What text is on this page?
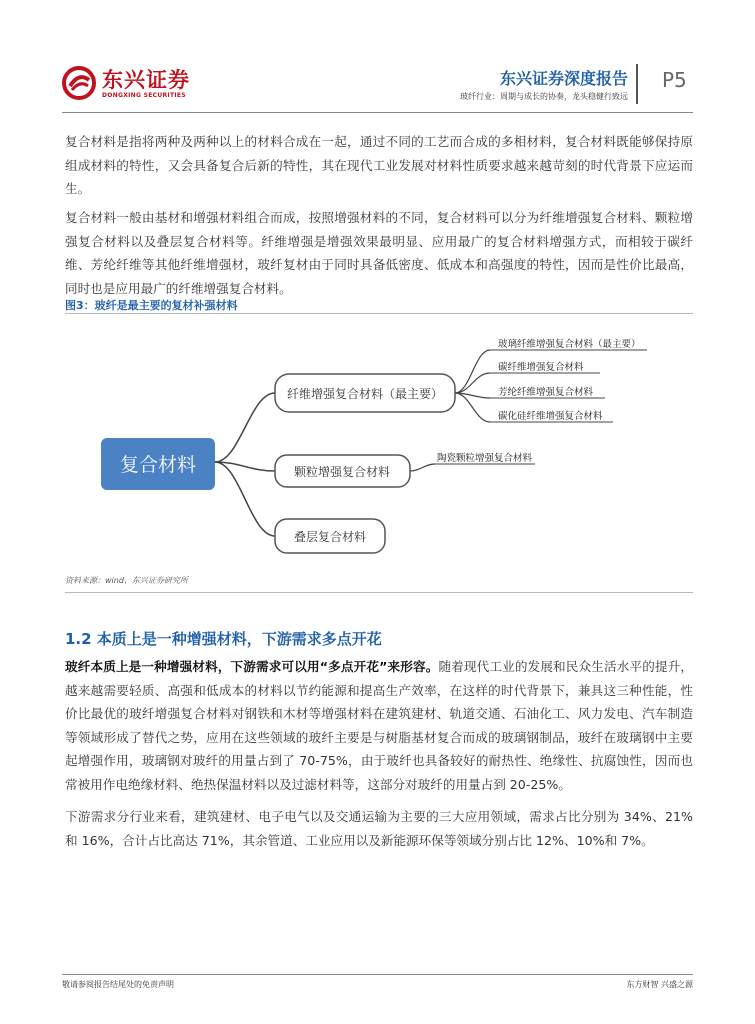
东兴证券
DONGXING SECURITIES
东兴证券深度报告
玻纤行业：周期与成长的协奏，龙头稳健行致远
P5
复合材料是指将两种及两种以上的材料合成在一起，通过不同的工艺而合成的多相材料，复合材料既能够保持原组成材料的特性，又会具备复合后新的特性，其在现代工业发展对材料性质要求越来越苛刻的时代背景下应运而生。
复合材料一般由基材和增强材料组合而成，按照增强材料的不同，复合材料可以分为纤维增强复合材料、颗粒增强复合材料以及叠层复合材料等。纤维增强是增强效果最明显、应用最广的复合材料增强方式，而相较于碳纤维、芳纶纤维等其他纤维增强材，玻纤复材由于同时具备低密度、低成本和高强度的特性，因而是性价比最高，同时也是应用最广的纤维增强复合材料。
图3：玻纤是最主要的复材补强材料
复合材料
纤维增强复合材料（最主要）
颗粒增强复合材料
叠层复合材料
玻璃纤维增强复合材料（最主要）
碳纤维增强复合材料
芳纶纤维增强复合材料
碳化硅纤维增强复合材料
陶瓷颗粒增强复合材料
资料来源：wind、东兴证券研究所
1.2 本质上是一种增强材料，下游需求多点开花
玻纤本质上是一种增强材料，下游需求可以用“多点开花”来形容。随着现代工业的发展和民众生活水平的提升，越来越需要轻质、高强和低成本的材料以节约能源和提高生产效率，在这样的时代背景下，兼具这三种性能，性价比最优的玻纤增强复合材料对钢铁和木材等增强材料在建筑建材、轨道交通、石油化工、风力发电、汽车制造等领域形成了替代之势，应用在这些领域的玻纤主要是与树脂基材复合而成的玻璃钢制品，玻纤在玻璃钢中主要起增强作用，玻璃钢对玻纤的用量占到了 70-75%，由于玻纤也具备较好的耐热性、绝缘性、抗腐蚀性，因而也常被用作电绝缘材料、绝热保温材料以及过滤材料等，这部分对玻纤的用量占到 20-25%。
下游需求分行业来看，建筑建材、电子电气以及交通运输为主要的三大应用领域，需求占比分别为 34%、21% 和 16%，合计占比高达 71%，其余管道、工业应用以及新能源环保等领域分别占比 12%、10%和 7%。
敬请参阅报告结尾处的免责声明	东方财智 兴盛之源
